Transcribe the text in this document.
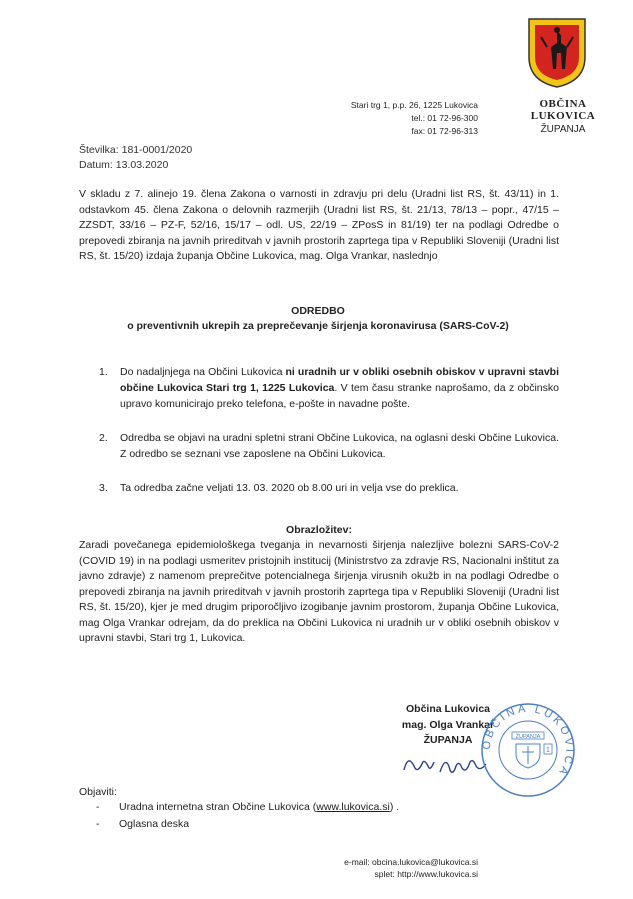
OBČINA LUKOVICA
ŽUPANJA
Stari trg 1, p.p. 26, 1225 Lukovica
tel.: 01 72-96-300
fax: 01 72-96-313
Številka: 181-0001/2020
Datum: 13.03.2020
V skladu z 7. alinejo 19. člena Zakona o varnosti in zdravju pri delu (Uradni list RS, št. 43/11) in 1. odstavkom 45. člena Zakona o delovnih razmerjih (Uradni list RS, št. 21/13, 78/13 – popr., 47/15 – ZZSDT, 33/16 – PZ-F, 52/16, 15/17 – odl. US, 22/19 – ZPosS in 81/19) ter na podlagi Odredbe o prepovedi zbiranja na javnih prireditvah v javnih prostorih zaprtega tipa v Republiki Sloveniji (Uradni list RS, št. 15/20) izdaja županja Občine Lukovica, mag. Olga Vrankar, naslednjo
ODREDBO
o preventivnih ukrepih za preprečevanje širjenja koronavirusa (SARS-CoV-2)
1. Do nadaljnjega na Občini Lukovica ni uradnih ur v obliki osebnih obiskov v upravni stavbi občine Lukovica Stari trg 1, 1225 Lukovica. V tem času stranke naprošamo, da z občinsko upravo komunicirajo preko telefona, e-pošte in navadne pošte.
2. Odredba se objavi na uradni spletni strani Občine Lukovica, na oglasni deski Občine Lukovica. Z odredbo se seznani vse zaposlene na Občini Lukovica.
3. Ta odredba začne veljati 13. 03. 2020 ob 8.00 uri in velja vse do preklica.
Obrazložitev:
Zaradi povečanega epidemiološkega tveganja in nevarnosti širjenja nalezljive bolezni SARS-CoV-2 (COVID 19) in na podlagi usmeritev pristojnih institucij (Ministrstvo za zdravje RS, Nacionalni inštitut za javno zdravje) z namenom preprečitve potencialnega širjenja virusnih okužb in na podlagi Odredbe o prepovedi zbiranja na javnih prireditvah v javnih prostorih zaprtega tipa v Republiki Sloveniji (Uradni list RS, št. 15/20), kjer je med drugim priporočljivo izogibanje javnim prostorom, županja Občine Lukovica, mag Olga Vrankar odrejam, da do preklica na Občini Lukovica ni uradnih ur v obliki osebnih obiskov v upravni stavbi, Stari trg 1, Lukovica.
Občina Lukovica
mag. Olga Vrankar
ŽUPANJA OBČINA LUKOVICA
ŽUPANJA
1
Objaviti:
- Uradna internetna stran Občine Lukovica (www.lukovica.si) .
- Oglasna deska
e-mail: obcina.lukovica@lukovica.si
splet: http://www.lukovica.si
